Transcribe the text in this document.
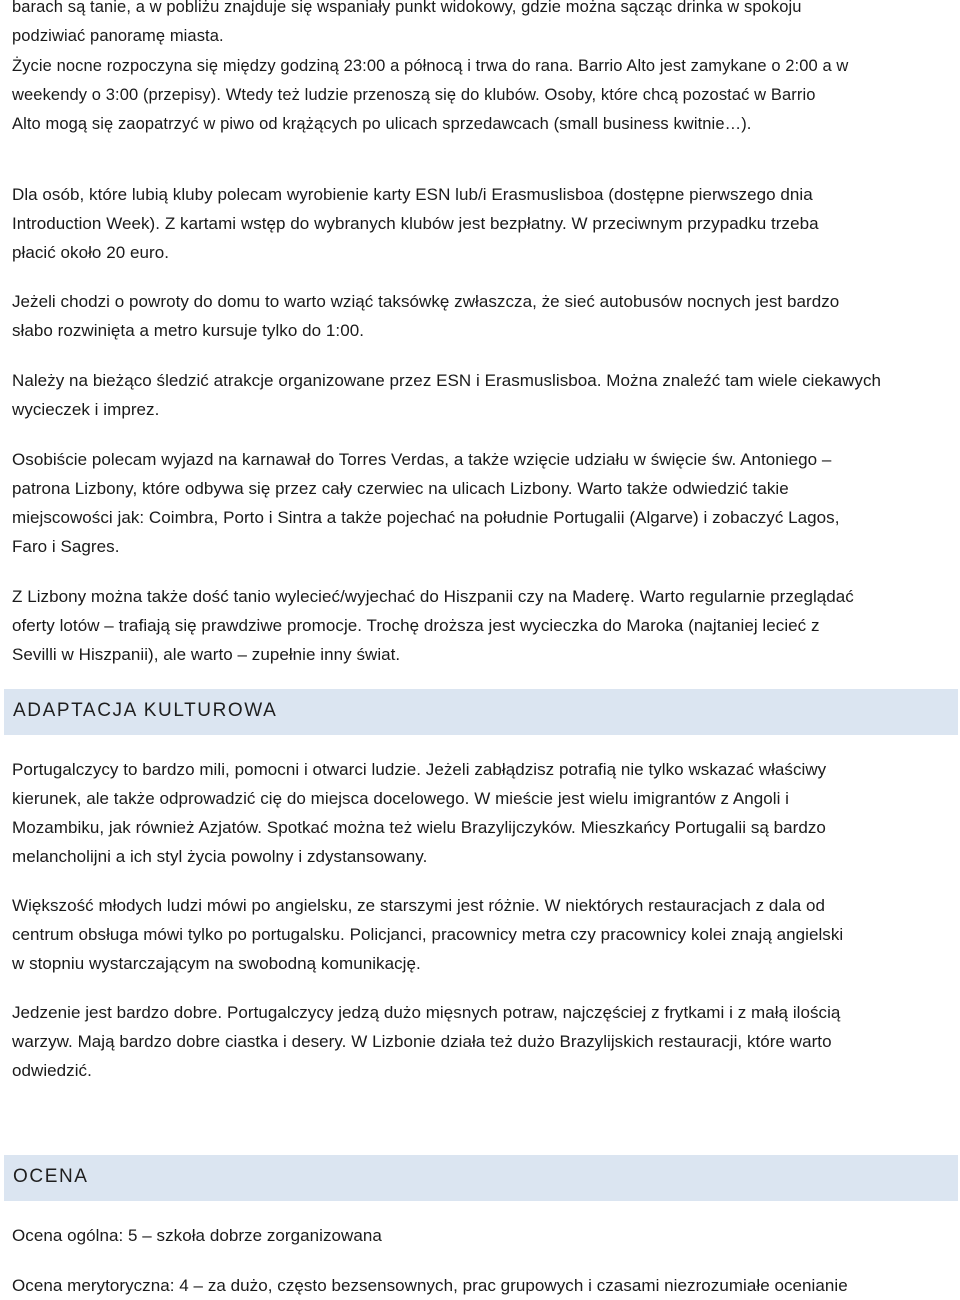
barach są tanie, a w pobliżu znajduje się wspaniały punkt widokowy, gdzie można sącząc drinka w spokoju
podziwiać panoramę miasta.

Życie nocne rozpoczyna się między godziną 23:00 a północą i trwa do rana. Barrio Alto jest zamykane o 2:00 a w
weekendy o 3:00 (przepisy). Wtedy też ludzie przenoszą się do klubów. Osoby, które chcą pozostać w Barrio
Alto mogą się zaopatrzyć w piwo od krążących po ulicach sprzedawcach (small business kwitnie…).

Dla osób, które lubią kluby polecam wyrobienie karty ESN lub/i Erasmuslisboa (dostępne pierwszego dnia
Introduction Week). Z kartami wstęp do wybranych klubów jest bezpłatny. W przeciwnym przypadku trzeba
płacić około 20 euro.

Jeżeli chodzi o powroty do domu to warto wziąć taksówkę zwłaszcza, że sieć autobusów nocnych jest bardzo
słabo rozwinięta a metro kursuje tylko do 1:00.

Należy na bieżąco śledzić atrakcje organizowane przez ESN i Erasmuslisboa. Można znaleźć tam wiele ciekawych
wycieczek i imprez.

Osobiście polecam wyjazd na karnawał do Torres Verdas, a także wzięcie udziału w święcie św. Antoniego –
patrona Lizbony, które odbywa się przez cały czerwiec na ulicach Lizbony. Warto także odwiedzić takie
miejscowości jak: Coimbra, Porto i Sintra a także pojechać na południe Portugalii (Algarve) i zobaczyć Lagos,
Faro i Sagres.

Z Lizbony można także dość tanio wylecieć/wyjechać do Hiszpanii czy na Maderę. Warto regularnie przeglądać
oferty lotów – trafiają się prawdziwe promocje. Trochę droższa jest wycieczka do Maroka (najtaniej lecieć z
Sevilli w Hiszpanii), ale warto – zupełnie inny świat.

ADAPTACJA KULTUROWA

Portugalczycy to bardzo mili, pomocni i otwarci ludzie. Jeżeli zabłądzisz potrafią nie tylko wskazać właściwy
kierunek, ale także odprowadzić cię do miejsca docelowego. W mieście jest wielu imigrantów z Angoli i
Mozambiku, jak również Azjatów. Spotkać można też wielu Brazylijczyków. Mieszkańcy Portugalii są bardzo
melancholijni a ich styl życia powolny i zdystansowany.

Większość młodych ludzi mówi po angielsku, ze starszymi jest różnie. W niektórych restauracjach z dala od
centrum obsługa mówi tylko po portugalsku. Policjanci, pracownicy metra czy pracownicy kolei znają angielski
w stopniu wystarczającym na swobodną komunikację.

Jedzenie jest bardzo dobre. Portugalczycy jedzą dużo mięsnych potraw, najczęściej z frytkami i z małą ilością
warzyw. Mają bardzo dobre ciastka i desery. W Lizbonie działa też dużo Brazylijskich restauracji, które warto
odwiedzić.

OCENA

Ocena ogólna: 5 – szkoła dobrze zorganizowana

Ocena merytoryczna: 4 – za dużo, często bezsensownych, prac grupowych i czasami niezrozumiałe ocenianie
